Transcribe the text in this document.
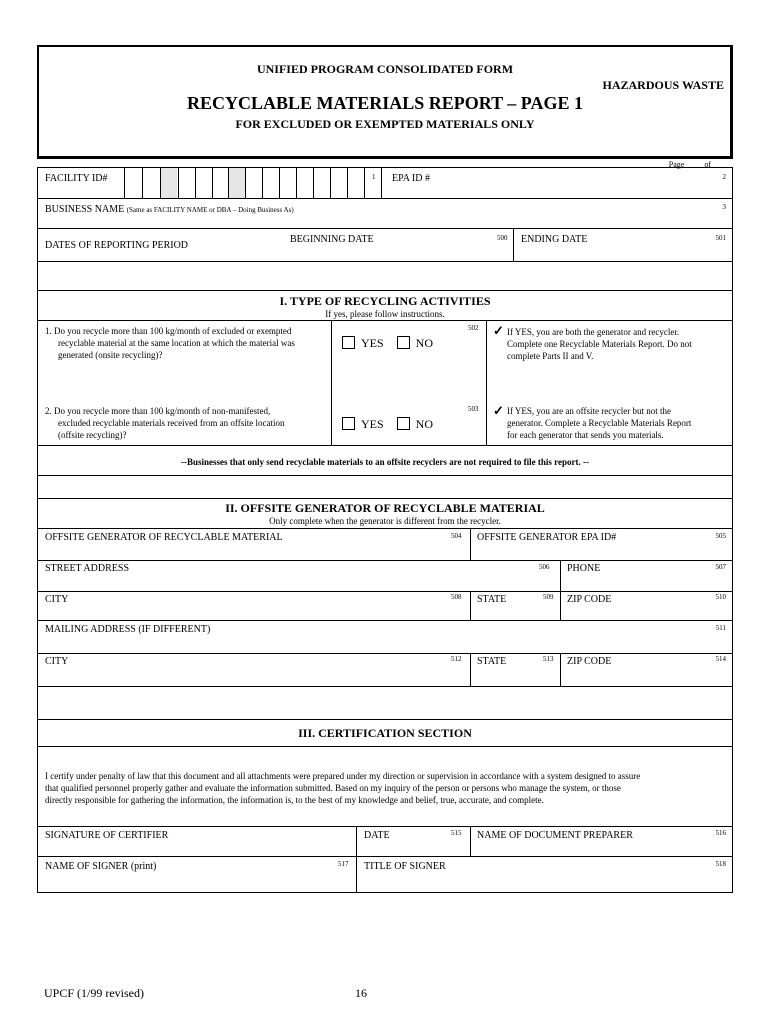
UNIFIED PROGRAM CONSOLIDATED FORM
HAZARDOUS WASTE
RECYCLABLE MATERIALS REPORT – PAGE 1
FOR EXCLUDED OR EXEMPTED MATERIALS ONLY
Page ____ of ____
FACILITY ID#	1 EPA ID #	2
BUSINESS NAME (Same as FACILITY NAME or DBA – Doing Business As)	3
DATES OF REPORTING PERIOD
BEGINNING DATE	500 ENDING DATE	501
I. TYPE OF RECYCLING ACTIVITIES
If yes, please follow instructions.
1. Do you recycle more than 100 kg/month of excluded or exempted
recyclable material at the same location at which the material was
generated (onsite recycling)?
502
YES	NO
✓ If YES, you are both the generator and recycler.
Complete one Recyclable Materials Report. Do not
complete Parts II and V.
2. Do you recycle more than 100 kg/month of non-manifested,
excluded recyclable materials received from an offsite location
(offsite recycling)?
503
YES	NO
✓ If YES, you are an offsite recycler but not the
generator. Complete a Recyclable Materials Report
for each generator that sends you materials.
--Businesses that only send recyclable materials to an offsite recyclers are not required to file this report. --
II. OFFSITE GENERATOR OF RECYCLABLE MATERIAL
Only complete when the generator is different from the recycler.
OFFSITE GENERATOR OF RECYCLABLE MATERIAL	504 OFFSITE GENERATOR EPA ID#	505
STREET ADDRESS	506 PHONE	507
CITY	508 STATE	509 ZIP CODE	510
MAILING ADDRESS (IF DIFFERENT)	511
CITY	512 STATE	513 ZIP CODE	514
III. CERTIFICATION SECTION
I certify under penalty of law that this document and all attachments were prepared under my direction or supervision in accordance with a system designed to assure
that qualified personnel properly gather and evaluate the information submitted. Based on my inquiry of the person or persons who manage the system, or those
directly responsible for gathering the information, the information is, to the best of my knowledge and belief, true, accurate, and complete.
SIGNATURE OF CERTIFIER	DATE	515 NAME OF DOCUMENT PREPARER	516
NAME OF SIGNER (print)	517 TITLE OF SIGNER	518
UPCF (1/99 revised)	16
